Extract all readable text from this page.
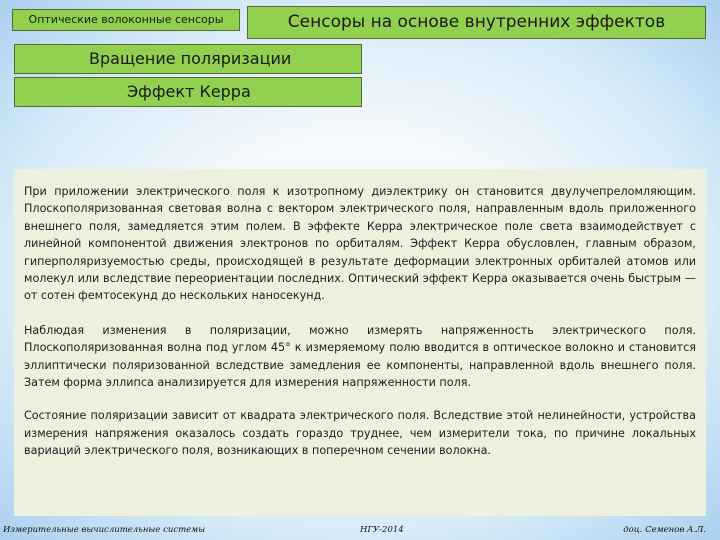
Оптические волоконные сенсоры	Сенсоры на основе внутренних эффектов
Вращение поляризации
Эффект Керра

При приложении электрического поля к изотропному диэлектрику он становится двулучепреломляющим. Плоскополяризованная световая волна с вектором электрического поля, направленным вдоль приложенного внешнего поля, замедляется этим полем. В эффекте Керра электрическое поле света взаимодействует с линейной компонентой движения электронов по орбиталям. Эффект Керра обусловлен, главным образом, гиперполяризуемостью среды, происходящей в результате деформации электронных орбиталей атомов или молекул или вследствие переориентации последних. Оптический эффект Керра оказывается очень быстрым — от сотен фемтосекунд до нескольких наносекунд.

Наблюдая изменения в поляризации, можно измерять напряженность электрического поля. Плоскополяризованная волна под углом 45° к измеряемому полю вводится в оптическое волокно и становится эллиптически поляризованной вследствие замедления ее компоненты, направленной вдоль внешнего поля. Затем форма эллипса анализируется для измерения напряженности поля.

Состояние поляризации зависит от квадрата электрического поля. Вследствие этой нелинейности, устройства измерения напряжения оказалось создать гораздо труднее, чем измерители тока, по причине локальных вариаций электрического поля, возникающих в поперечном сечении волокна.

Измерительные вычислительные системы	НГУ-2014	доц. Семенов А.Л.
